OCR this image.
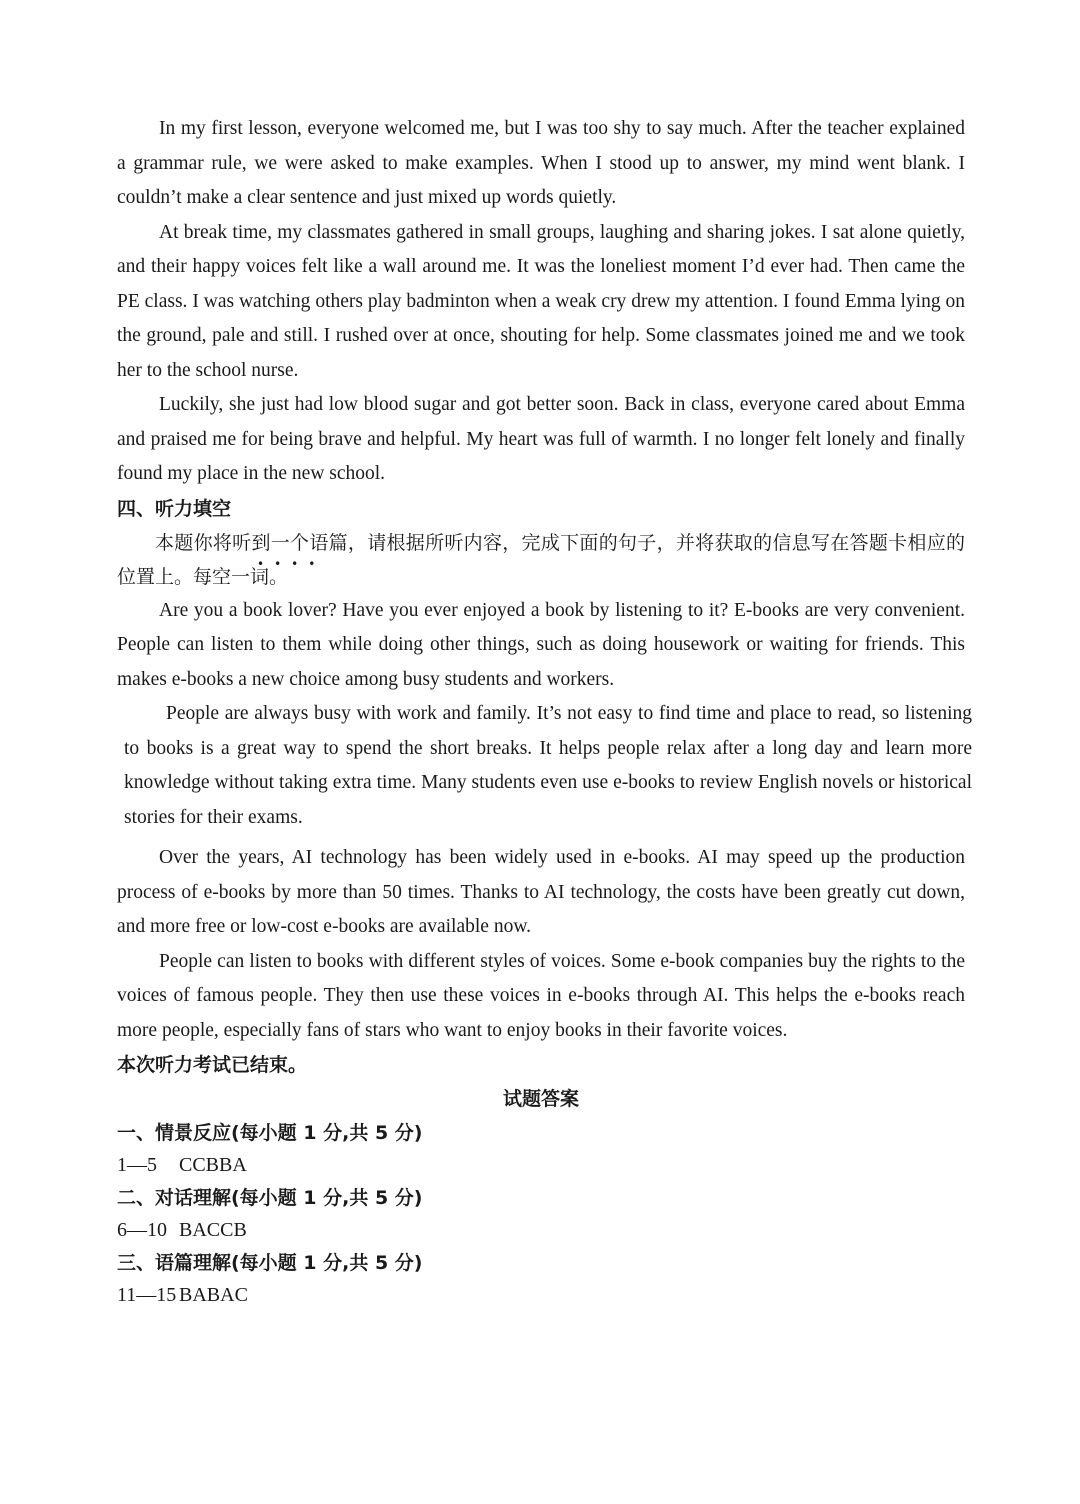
In my first lesson, everyone welcomed me, but I was too shy to say much. After the teacher explained a grammar rule, we were asked to make examples. When I stood up to answer, my mind went blank. I couldn’t make a clear sentence and just mixed up words quietly.

At break time, my classmates gathered in small groups, laughing and sharing jokes. I sat alone quietly, and their happy voices felt like a wall around me. It was the loneliest moment I’d ever had. Then came the PE class. I was watching others play badminton when a weak cry drew my attention. I found Emma lying on the ground, pale and still. I rushed over at once, shouting for help. Some classmates joined me and we took her to the school nurse.

Luckily, she just had low blood sugar and got better soon. Back in class, everyone cared about Emma and praised me for being brave and helpful. My heart was full of warmth. I no longer felt lonely and finally found my place in the new school.

四、听力填空

本题你将听到一个语篇，请根据所听内容，完成下面的句子，并将获取的信息写在答题卡相应的位置上。每空一词。

••••

Are you a book lover? Have you ever enjoyed a book by listening to it? E-books are very convenient. People can listen to them while doing other things, such as doing housework or waiting for friends. This makes e-books a new choice among busy students and workers.

People are always busy with work and family. It’s not easy to find time and place to read, so listening to books is a great way to spend the short breaks. It helps people relax after a long day and learn more knowledge without taking extra time. Many students even use e-books to review English novels or historical stories for their exams.

Over the years, AI technology has been widely used in e-books. AI may speed up the production process of e-books by more than 50 times. Thanks to AI technology, the costs have been greatly cut down, and more free or low-cost e-books are available now.

People can listen to books with different styles of voices. Some e-book companies buy the rights to the voices of famous people. They then use these voices in e-books through AI. This helps the e-books reach more people, especially fans of stars who want to enjoy books in their favorite voices.

本次听力考试已结束。

试题答案

一、情景反应(每小题 1 分,共 5 分)

1—5 CCBBA

二、对话理解(每小题 1 分,共 5 分)

6—10 BACCB

三、语篇理解(每小题 1 分,共 5 分)

11—15 BABAC
